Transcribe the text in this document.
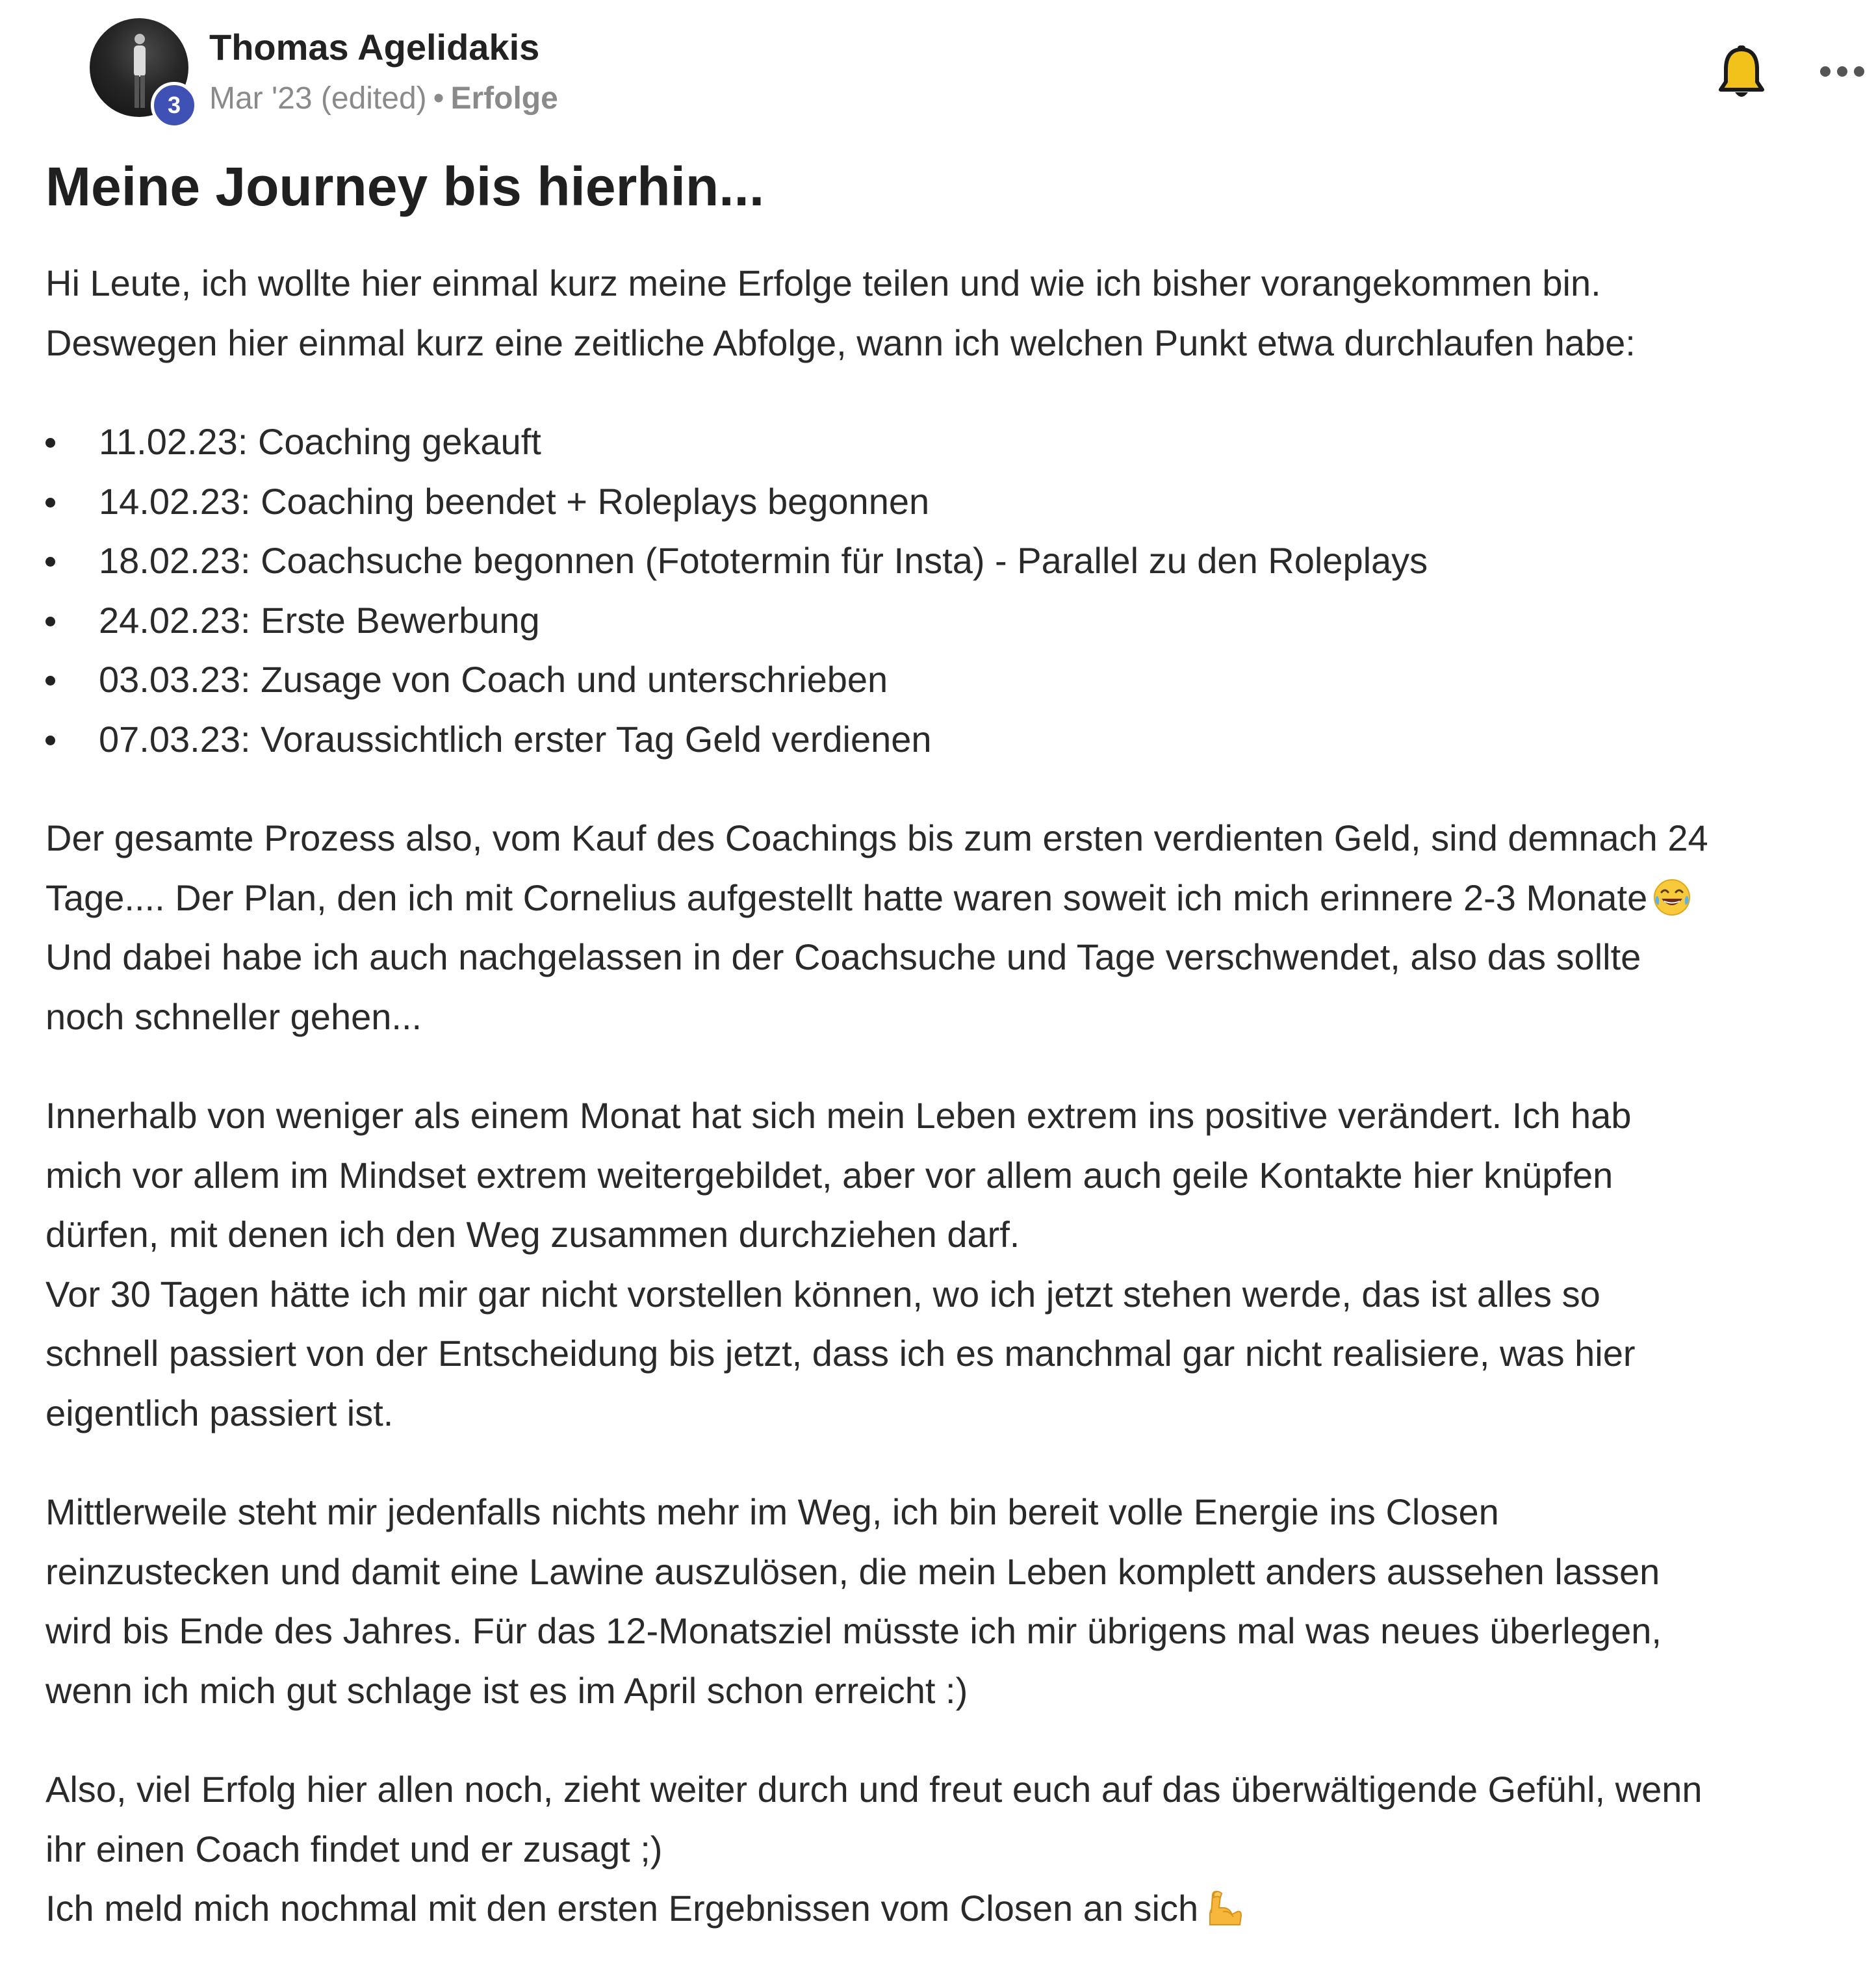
3
Thomas Agelidakis
Mar '23 (edited) • Erfolge
Meine Journey bis hierhin...

Hi Leute, ich wollte hier einmal kurz meine Erfolge teilen und wie ich bisher vorangekommen bin.
Deswegen hier einmal kurz eine zeitliche Abfolge, wann ich welchen Punkt etwa durchlaufen habe:

11.02.23: Coaching gekauft
14.02.23: Coaching beendet + Roleplays begonnen
18.02.23: Coachsuche begonnen (Fototermin für Insta) - Parallel zu den Roleplays
24.02.23: Erste Bewerbung
03.03.23: Zusage von Coach und unterschrieben
07.03.23: Voraussichtlich erster Tag Geld verdienen

Der gesamte Prozess also, vom Kauf des Coachings bis zum ersten verdienten Geld, sind demnach 24
Tage.... Der Plan, den ich mit Cornelius aufgestellt hatte waren soweit ich mich erinnere 2-3 Monate
Und dabei habe ich auch nachgelassen in der Coachsuche und Tage verschwendet, also das sollte
noch schneller gehen...

Innerhalb von weniger als einem Monat hat sich mein Leben extrem ins positive verändert. Ich hab
mich vor allem im Mindset extrem weitergebildet, aber vor allem auch geile Kontakte hier knüpfen
dürfen, mit denen ich den Weg zusammen durchziehen darf.
Vor 30 Tagen hätte ich mir gar nicht vorstellen können, wo ich jetzt stehen werde, das ist alles so
schnell passiert von der Entscheidung bis jetzt, dass ich es manchmal gar nicht realisiere, was hier
eigentlich passiert ist.

Mittlerweile steht mir jedenfalls nichts mehr im Weg, ich bin bereit volle Energie ins Closen
reinzustecken und damit eine Lawine auszulösen, die mein Leben komplett anders aussehen lassen
wird bis Ende des Jahres. Für das 12-Monatsziel müsste ich mir übrigens mal was neues überlegen,
wenn ich mich gut schlage ist es im April schon erreicht :)

Also, viel Erfolg hier allen noch, zieht weiter durch und freut euch auf das überwältigende Gefühl, wenn
ihr einen Coach findet und er zusagt ;)
Ich meld mich nochmal mit den ersten Ergebnissen vom Closen an sich
